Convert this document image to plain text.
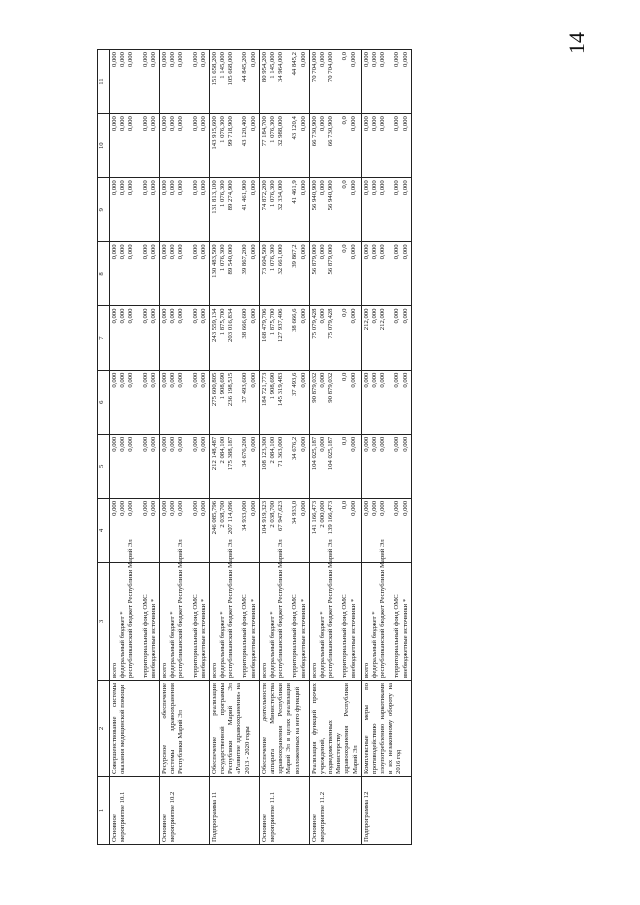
14
1	2	3	4	5	6	7	8	9	10	11
Основное мероприятие 10.1	Совершенствование системы оказания медицинской помощи	всего федеральный бюджет * республиканский бюджет Республики Марий Эл территориальный фонд ОМС внебюджетные источники *	0,000 0,000 0,000 0,000 0,000	0,000 0,000 0,000 0,000 0,000	0,000 0,000 0,000 0,000 0,000	0,000 0,000 0,000 0,000 0,000	0,000 0,000 0,000 0,000 0,000	0,000 0,000 0,000 0,000 0,000	0,000 0,000 0,000 0,000 0,000	0,000 0,000 0,000 0,000 0,000

Основное мероприятие 10.2	Ресурсное обеспечение системы здравоохранения Республики Марий Эл	всего федеральный бюджет * республиканский бюджет Республики Марий Эл территориальный фонд ОМС внебюджетные источники *	0,000 0,000 0,000 0,000 0,000	0,000 0,000 0,000 0,000 0,000	0,000 0,000 0,000 0,000 0,000	0,000 0,000 0,000 0,000 0,000	0,000 0,000 0,000 0,000 0,000	0,000 0,000 0,000 0,000 0,000	0,000 0,000 0,000 0,000 0,000	0,000 0,000 0,000 0,000 0,000

Подпрограмма 11	Обеспечение реализации государственной программы Республики Марий Эл «Развитие здравоохранения» на 2013 - 2020 годы	всего федеральный бюджет * республиканский бюджет Республики Марий Эл территориальный фонд ОМС внебюджетные источники *	246 085,796 2 038,700 207 114,096 34 933,000 0,000	212 148,487 2 084,100 175 388,187 34 676,200 0,000	275 600,805 1 908,690 236 198,515 37 493,600 0,000	243 559,134 1 875,700 203 016,834 38 666,600 0,000	130 483,500 1 076,300 89 540,000 39 867,200 0,000	131 813,100 1 076,300 89 274,900 41 461,900 0,000	143 915,600 1 076,300 99 718,900 43 120,400 0,000	151 658,200 1 145,000 105 668,000 44 845,200 0,000

Основное мероприятие 11.1	Обеспечение деятельности аппарата Министерства здравоохранения Республики Марий Эл в целях реализации возложенных на него функций	всего федеральный бюджет * республиканский бюджет Республики Марий Эл территориальный фонд ОМС внебюджетные источники *	104 919,323 2 038,700 67 947,623 34 933,0 0,000	108 123,300 2 084,100 71 363,000 34 676,2 0,000	184 721,773 1 908,690 145 319,483 37 493,6 0,000	168 479,706 1 875,700 127 937,406 38 666,6 0,000	73 604,500 1 076,300 32 661,000 39 867,2 0,000	74 872,200 1 076,300 32 334,000 41 461,9 0,000	77 184,700 1 076,300 32 988,000 43 120,4 0,000	80 954,200 1 145,000 34 964,000 44 845,2 0,000

Основное мероприятие 11.2	Реализация функций прочих учреждений, подведомственных Министерству здравоохранения Республики Марий Эл	всего федеральный бюджет * республиканский бюджет Республики Марий Эл территориальный фонд ОМС внебюджетные источники *	141 166,473 2 000,000 139 166,473 0,0 0,000	104 025,187 0,000 104 025,187 0,0 0,000	90 879,032 0,000 90 879,032 0,0 0,000	75 079,428 0,000 75 079,428 0,0 0,000	56 879,000 0,000 56 879,000 0,0 0,000	56 940,900 0,000 56 940,900 0,0 0,000	66 730,900 0,000 66 730,900 0,0 0,000	70 704,000 0,000 70 704,000 0,0 0,000

Подпрограмма 12	Комплексные меры по противодействию злоупотреблению наркотиками и их незаконному обороту на 2016 год	всего федеральный бюджет * республиканский бюджет Республики Марий Эл территориальный фонд ОМС внебюджетные источники *	0,000 0,000 0,000 0,000 0,000	0,000 0,000 0,000 0,000 0,000	0,000 0,000 0,000 0,000 0,000	212,000 0,000 212,000 0,000 0,000	0,000 0,000 0,000 0,000 0,000	0,000 0,000 0,000 0,000 0,000	0,000 0,000 0,000 0,000 0,000	0,000 0,000 0,000 0,000 0,000
